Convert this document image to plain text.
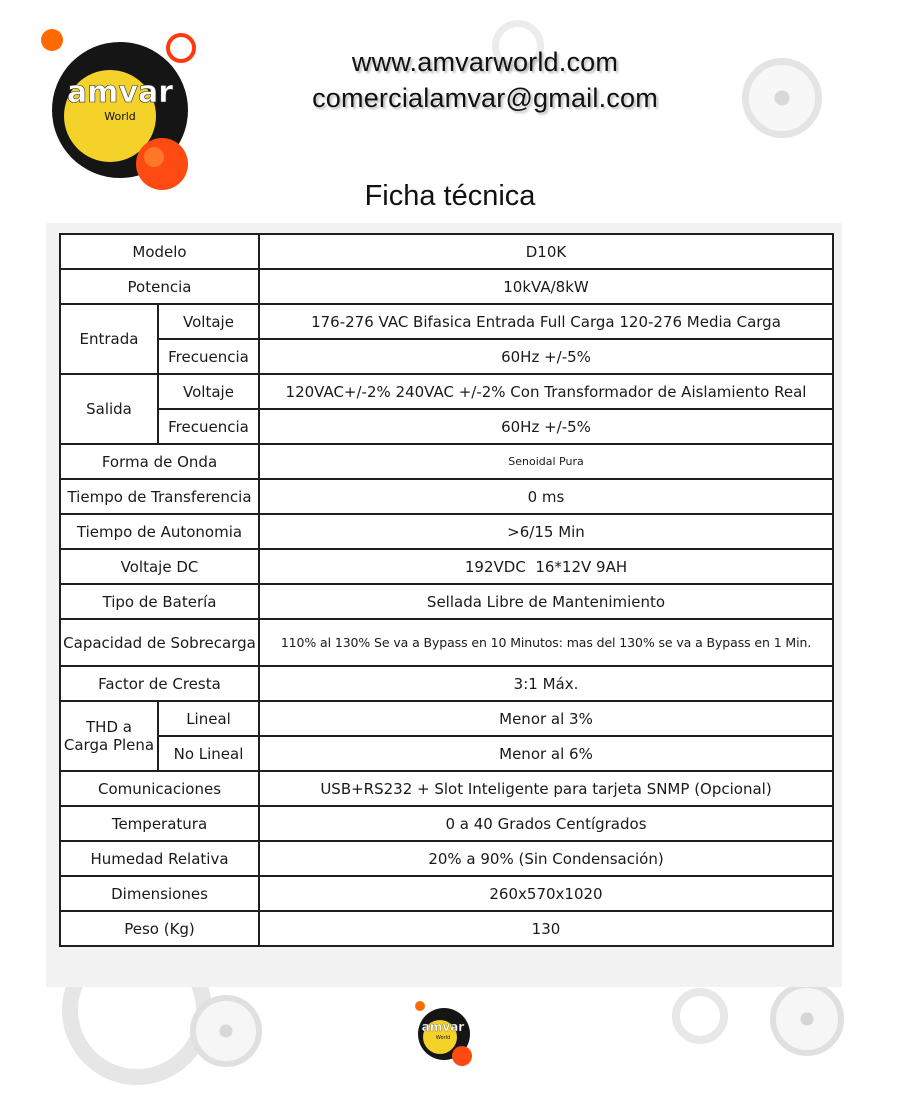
amvar
World
www.amvarworld.com
comercialamvar@gmail.com
Ficha técnica
Modelo		D10K
Potencia		10kVA/8kW
Entrada	Voltaje	176-276 VAC Bifasica Entrada Full Carga 120-276 Media Carga
	Frecuencia	60Hz +/-5%
Salida	Voltaje	120VAC+/-2% 240VAC +/-2% Con Transformador de Aislamiento Real
	Frecuencia	60Hz +/-5%
Forma de Onda		Senoidal Pura
Tiempo de Transferencia		0 ms
Tiempo de Autonomia		>6/15 Min
Voltaje DC		192VDC  16*12V 9AH
Tipo de Batería		Sellada Libre de Mantenimiento
Capacidad de Sobrecarga		110% al 130% Se va a Bypass en 10 Minutos: mas del 130% se va a Bypass en 1 Min.
Factor de Cresta		3:1 Máx.

THD a
Carga Plena	Lineal	Menor al 3%
	No Lineal	Menor al 6%
Comunicaciones		USB+RS232 + Slot Inteligente para tarjeta SNMP (Opcional)
Temperatura		0 a 40 Grados Centígrados
Humedad Relativa		20% a 90% (Sin Condensación)
Dimensiones		260x570x1020
Peso (Kg)		130
amvar
World
